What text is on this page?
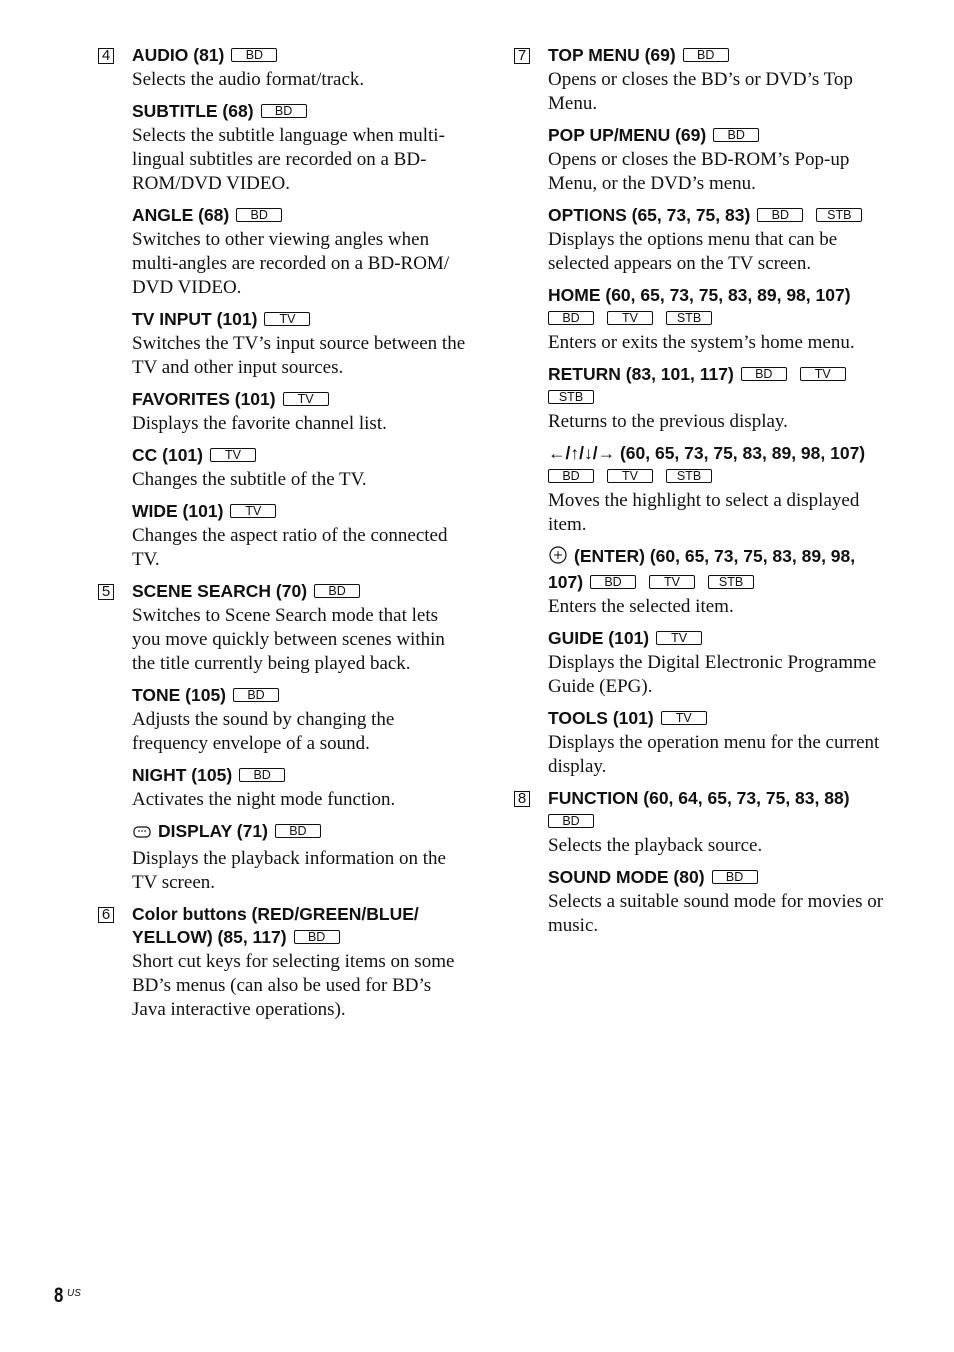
4 AUDIO (81) BD

Selects the audio format/track.

SUBTITLE (68) BD

Selects the subtitle language when multi-lingual subtitles are recorded on a BD-ROM/DVD VIDEO.

ANGLE (68) BD

Switches to other viewing angles when multi-angles are recorded on a BD-ROM/ DVD VIDEO.

TV INPUT (101) TV

Switches the TV’s input source between the TV and other input sources.

FAVORITES (101) TV

Displays the favorite channel list.

CC (101) TV

Changes the subtitle of the TV.

WIDE (101) TV

Changes the aspect ratio of the connected TV.

5 SCENE SEARCH (70) BD

Switches to Scene Search mode that lets you move quickly between scenes within the title currently being played back.

TONE (105) BD

Adjusts the sound by changing the frequency envelope of a sound.

NIGHT (105) BD

Activates the night mode function.

DISPLAY (71) BD

Displays the playback information on the TV screen.

6 Color buttons (RED/GREEN/BLUE/
YELLOW) (85, 117) BD

Short cut keys for selecting items on some BD’s menus (can also be used for BD’s Java interactive operations).

7 TOP MENU (69) BD

Opens or closes the BD’s or DVD’s Top Menu.

POP UP/MENU (69) BD

Opens or closes the BD-ROM’s Pop-up Menu, or the DVD’s menu.

OPTIONS (65, 73, 75, 83) BD	STB

Displays the options menu that can be selected appears on the TV screen.

HOME (60, 65, 73, 75, 83, 89, 98, 107)
BD	TV	STB

Enters or exits the system’s home menu.

RETURN (83, 101, 117) BD	TV
STB

Returns to the previous display.

←/↑/↓/→ (60, 65, 73, 75, 83, 89, 98, 107)
BD	TV	STB

Moves the highlight to select a displayed item.

(ENTER) (60, 65, 73, 75, 83, 89, 98,
107) BD	TV	STB

Enters the selected item.

GUIDE (101) TV

Displays the Digital Electronic Programme Guide (EPG).

TOOLS (101) TV

Displays the operation menu for the current display.

8 FUNCTION (60, 64, 65, 73, 75, 83, 88)
BD

Selects the playback source.

SOUND MODE (80) BD

Selects a suitable sound mode for movies or music.

8 US
